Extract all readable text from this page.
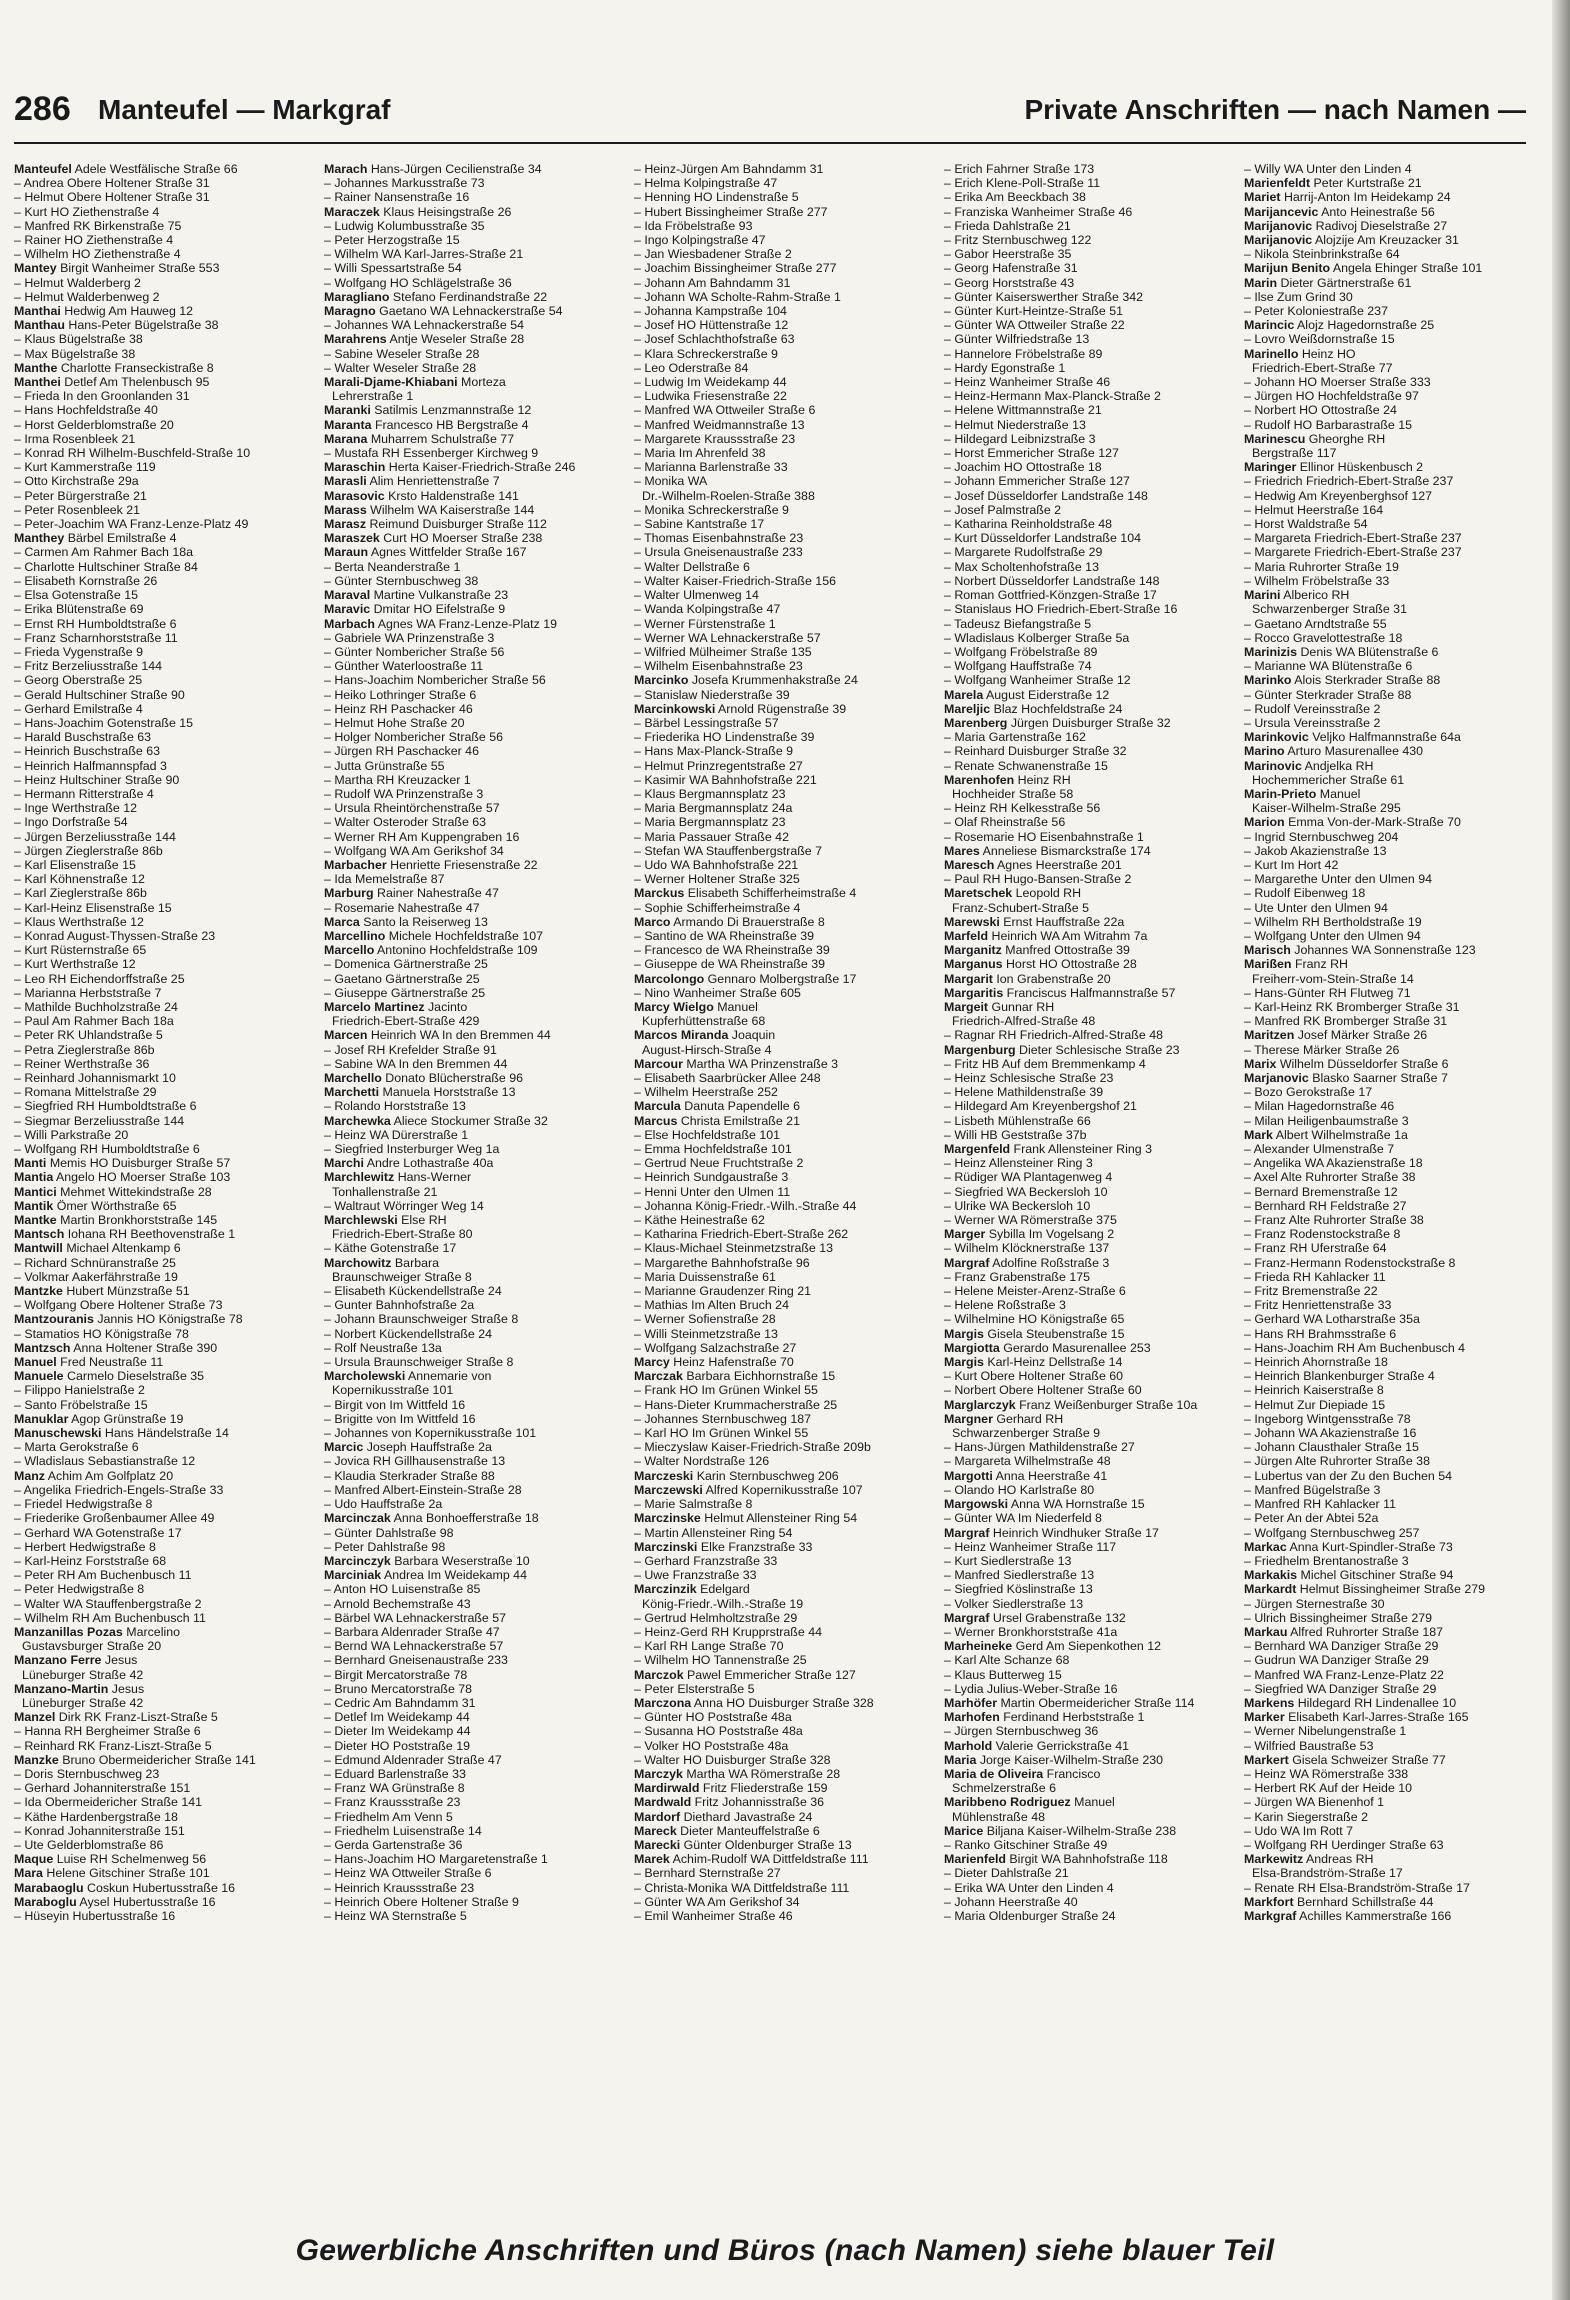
286 Manteufel — Markgraf	Private Anschriften — nach Namen —
Manteufel Adele Westfälische Straße 66
– Andrea Obere Holtener Straße 31
– Helmut Obere Holtener Straße 31
– Kurt HO Ziethenstraße 4
– Manfred RK Birkenstraße 75
– Rainer HO Ziethenstraße 4
– Wilhelm HO Ziethenstraße 4
Mantey Birgit Wanheimer Straße 553
– Helmut Walderberg 2
– Helmut Walderbenweg 2
Manthai Hedwig Am Hauweg 12
Manthau Hans-Peter Bügelstraße 38
– Klaus Bügelstraße 38
– Max Bügelstraße 38
Manthe Charlotte Franseckistraße 8
Manthei Detlef Am Thelenbusch 95
– Frieda In den Groonlanden 31
– Hans Hochfeldstraße 40
– Horst Gelderblomstraße 20
– Irma Rosenbleek 21
– Konrad RH Wilhelm-Buschfeld-Straße 10
– Kurt Kammerstraße 119
– Otto Kirchstraße 29a
– Peter Bürgerstraße 21
– Peter Rosenbleek 21
– Peter-Joachim WA Franz-Lenze-Platz 49
Manthey Bärbel Emilstraße 4
– Carmen Am Rahmer Bach 18a
– Charlotte Hultschiner Straße 84
– Elisabeth Kornstraße 26
– Elsa Gotenstraße 15
– Erika Blütenstraße 69
– Ernst RH Humboldtstraße 6
– Franz Scharnhorststraße 11
– Frieda Vygenstraße 9
– Fritz Berzeliusstraße 144
– Georg Oberstraße 25
– Gerald Hultschiner Straße 90
– Gerhard Emilstraße 4
– Hans-Joachim Gotenstraße 15
– Harald Buschstraße 63
– Heinrich Buschstraße 63
– Heinrich Halfmannspfad 3
– Heinz Hultschiner Straße 90
– Hermann Ritterstraße 4
– Inge Werthstraße 12
– Ingo Dorfstraße 54
– Jürgen Berzeliusstraße 144
– Jürgen Zieglerstraße 86b
– Karl Elisenstraße 15
– Karl Köhnenstraße 12
– Karl Zieglerstraße 86b
– Karl-Heinz Elisenstraße 15
– Klaus Werthstraße 12
– Konrad August-Thyssen-Straße 23
– Kurt Rüsternstraße 65
– Kurt Werthstraße 12
– Leo RH Eichendorffstraße 25
– Marianna Herbststraße 7
– Mathilde Buchholzstraße 24
– Paul Am Rahmer Bach 18a
– Peter RK Uhlandstraße 5
– Petra Zieglerstraße 86b
– Reiner Werthstraße 36
– Reinhard Johannismarkt 10
– Romana Mittelstraße 29
– Siegfried RH Humboldtstraße 6
– Siegmar Berzeliusstraße 144
– Willi Parkstraße 20
– Wolfgang RH Humboldtstraße 6
Manti Memis HO Duisburger Straße 57
Mantia Angelo HO Moerser Straße 103
Mantici Mehmet Wittekindstraße 28
Mantik Ömer Wörthstraße 65
Mantke Martin Bronkhorststraße 145
Mantsch Iohana RH Beethovenstraße 1
Mantwill Michael Altenkamp 6
– Richard Schnüranstraße 25
– Volkmar Aakerfährstraße 19
Mantzke Hubert Münzstraße 51
– Wolfgang Obere Holtener Straße 73
Mantzouranis Jannis HO Königstraße 78
– Stamatios HO Königstraße 78
Mantzsch Anna Holtener Straße 390
Manuel Fred Neustraße 11
Manuele Carmelo Dieselstraße 35
– Filippo Hanielstraße 2
– Santo Fröbelstraße 15
Manuklar Agop Grünstraße 19
Manuschewski Hans Händelstraße 14
– Marta Gerokstraße 6
– Wladislaus Sebastianstraße 12
Manz Achim Am Golfplatz 20
– Angelika Friedrich-Engels-Straße 33
– Friedel Hedwigstraße 8
– Friederike Großenbaumer Allee 49
– Gerhard WA Gotenstraße 17
– Herbert Hedwigstraße 8
– Karl-Heinz Forststraße 68
– Peter RH Am Buchenbusch 11
– Peter Hedwigstraße 8
– Walter WA Stauffenbergstraße 2
– Wilhelm RH Am Buchenbusch 11
Manzanillas Pozas Marcelino
Gustavsburger Straße 20
Manzano Ferre Jesus
Lüneburger Straße 42
Manzano-Martin Jesus
Lüneburger Straße 42
Manzel Dirk RK Franz-Liszt-Straße 5
– Hanna RH Bergheimer Straße 6
– Reinhard RK Franz-Liszt-Straße 5
Manzke Bruno Obermeidericher Straße 141
– Doris Sternbuschweg 23
– Gerhard Johanniterstraße 151
– Ida Obermeidericher Straße 141
– Käthe Hardenbergstraße 18
– Konrad Johanniterstraße 151
– Ute Gelderblomstraße 86
Maque Luise RH Schelmenweg 56
Mara Helene Gitschiner Straße 101
Marabaoglu Coskun Hubertusstraße 16
Maraboglu Aysel Hubertusstraße 16
– Hüseyin Hubertusstraße 16
Marach Hans-Jürgen Cecilienstraße 34
– Johannes Markusstraße 73
– Rainer Nansenstraße 16
Maraczek Klaus Heisingstraße 26
– Ludwig Kolumbusstraße 35
– Peter Herzogstraße 15
– Wilhelm WA Karl-Jarres-Straße 21
– Willi Spessartstraße 54
– Wolfgang HO Schlägelstraße 36
Maragliano Stefano Ferdinandstraße 22
Maragno Gaetano WA Lehnackerstraße 54
– Johannes WA Lehnackerstraße 54
Marahrens Antje Weseler Straße 28
– Sabine Weseler Straße 28
– Walter Weseler Straße 28
Marali-Djame-Khiabani Morteza
Lehrerstraße 1
Maranki Satilmis Lenzmannstraße 12
Maranta Francesco HB Bergstraße 4
Marana Muharrem Schulstraße 77
– Mustafa RH Essenberger Kirchweg 9
Maraschin Herta Kaiser-Friedrich-Straße 246
Marasli Alim Henriettenstraße 7
Marasovic Krsto Haldenstraße 141
Marass Wilhelm WA Kaiserstraße 144
Marasz Reimund Duisburger Straße 112
Maraszek Curt HO Moerser Straße 238
Maraun Agnes Wittfelder Straße 167
– Berta Neanderstraße 1
– Günter Sternbuschweg 38
Maraval Martine Vulkanstraße 23
Maravic Dmitar HO Eifelstraße 9
Marbach Agnes WA Franz-Lenze-Platz 19
– Gabriele WA Prinzenstraße 3
– Günter Nombericher Straße 56
– Günther Waterloostraße 11
– Hans-Joachim Nombericher Straße 56
– Heiko Lothringer Straße 6
– Heinz RH Paschacker 46
– Helmut Hohe Straße 20
– Holger Nombericher Straße 56
– Jürgen RH Paschacker 46
– Jutta Grünstraße 55
– Martha RH Kreuzacker 1
– Rudolf WA Prinzenstraße 3
– Ursula Rheintörchenstraße 57
– Walter Osteroder Straße 63
– Werner RH Am Kuppengraben 16
– Wolfgang WA Am Gerikshof 34
Marbacher Henriette Friesenstraße 22
– Ida Memelstraße 87
Marburg Rainer Nahestraße 47
– Rosemarie Nahestraße 47
Marca Santo la Reiserweg 13
Marcellino Michele Hochfeldstraße 107
Marcello Antonino Hochfeldstraße 109
– Domenica Gärtnerstraße 25
– Gaetano Gärtnerstraße 25
– Giuseppe Gärtnerstraße 25
Marcelo Martinez Jacinto
Friedrich-Ebert-Straße 429
Marcen Heinrich WA In den Bremmen 44
– Josef RH Krefelder Straße 91
– Sabine WA In den Bremmen 44
Marchello Donato Blücherstraße 96
Marchetti Manuela Horststraße 13
– Rolando Horststraße 13
Marchewka Aliece Stockumer Straße 32
– Heinz WA Dürerstraße 1
– Siegfried Insterburger Weg 1a
Marchi Andre Lothastraße 40a
Marchlewitz Hans-Werner
Tonhallenstraße 21
– Waltraut Wörringer Weg 14
Marchlewski Else RH
Friedrich-Ebert-Straße 80
– Käthe Gotenstraße 17
Marchowitz Barbara
Braunschweiger Straße 8
– Elisabeth Kückendellstraße 24
– Gunter Bahnhofstraße 2a
– Johann Braunschweiger Straße 8
– Norbert Kückendellstraße 24
– Rolf Neustraße 13a
– Ursula Braunschweiger Straße 8
Marcholewski Annemarie von
Kopernikusstraße 101
– Birgit von Im Wittfeld 16
– Brigitte von Im Wittfeld 16
– Johannes von Kopernikusstraße 101
Marcic Joseph Hauffstraße 2a
– Jovica RH Gillhausenstraße 13
– Klaudia Sterkrader Straße 88
– Manfred Albert-Einstein-Straße 28
– Udo Hauffstraße 2a
Marcinczak Anna Bonhoefferstraße 18
– Günter Dahlstraße 98
– Peter Dahlstraße 98
Marcinczyk Barbara Weserstraße 10
Marciniak Andrea Im Weidekamp 44
– Anton HO Luisenstraße 85
– Arnold Bechemstraße 43
– Bärbel WA Lehnackerstraße 57
– Barbara Aldenrader Straße 47
– Bernd WA Lehnackerstraße 57
– Bernhard Gneisenaustraße 233
– Birgit Mercatorstraße 78
– Bruno Mercatorstraße 78
– Cedric Am Bahndamm 31
– Detlef Im Weidekamp 44
– Dieter Im Weidekamp 44
– Dieter HO Poststraße 19
– Edmund Aldenrader Straße 47
– Eduard Barlenstraße 33
– Franz WA Grünstraße 8
– Franz Kraussstraße 23
– Friedhelm Am Venn 5
– Friedhelm Luisenstraße 14
– Gerda Gartenstraße 36
– Hans-Joachim HO Margaretenstraße 1
– Heinz WA Ottweiler Straße 6
– Heinrich Kraussstraße 23
– Heinrich Obere Holtener Straße 9
– Heinz WA Sternstraße 5
– Heinz-Jürgen Am Bahndamm 31
– Helma Kolpingstraße 47
– Henning HO Lindenstraße 5
– Hubert Bissingheimer Straße 277
– Ida Fröbelstraße 93
– Ingo Kolpingstraße 47
– Jan Wiesbadener Straße 2
– Joachim Bissingheimer Straße 277
– Johann Am Bahndamm 31
– Johann WA Scholte-Rahm-Straße 1
– Johanna Kampstraße 104
– Josef HO Hüttenstraße 12
– Josef Schlachthofstraße 63
– Klara Schreckerstraße 9
– Leo Oderstraße 84
– Ludwig Im Weidekamp 44
– Ludwika Friesenstraße 22
– Manfred WA Ottweiler Straße 6
– Manfred Weidmannstraße 13
– Margarete Kraussstraße 23
– Maria Im Ahrenfeld 38
– Marianna Barlenstraße 33
– Monika WA
Dr.-Wilhelm-Roelen-Straße 388
– Monika Schreckerstraße 9
– Sabine Kantstraße 17
– Thomas Eisenbahnstraße 23
– Ursula Gneisenaustraße 233
– Walter Dellstraße 6
– Walter Kaiser-Friedrich-Straße 156
– Walter Ulmenweg 14
– Wanda Kolpingstraße 47
– Werner Fürstenstraße 1
– Werner WA Lehnackerstraße 57
– Wilfried Mülheimer Straße 135
– Wilhelm Eisenbahnstraße 23
Marcinko Josefa Krummenhakstraße 24
– Stanislaw Niederstraße 39
Marcinkowski Arnold Rügenstraße 39
– Bärbel Lessingstraße 57
– Friederika HO Lindenstraße 39
– Hans Max-Planck-Straße 9
– Helmut Prinzregentstraße 27
– Kasimir WA Bahnhofstraße 221
– Klaus Bergmannsplatz 23
– Maria Bergmannsplatz 24a
– Maria Bergmannsplatz 23
– Maria Passauer Straße 42
– Stefan WA Stauffenbergstraße 7
– Udo WA Bahnhofstraße 221
– Werner Holtener Straße 325
Marckus Elisabeth Schifferheimstraße 4
– Sophie Schifferheimstraße 4
Marco Armando Di Brauerstraße 8
– Santino de WA Rheinstraße 39
– Francesco de WA Rheinstraße 39
– Giuseppe de WA Rheinstraße 39
Marcolongo Gennaro Molbergstraße 17
– Nino Wanheimer Straße 605
Marcy Wielgo Manuel
Kupferhüttenstraße 68
Marcos Miranda Joaquin
August-Hirsch-Straße 4
Marcour Martha WA Prinzenstraße 3
– Elisabeth Saarbrücker Allee 248
– Wilhelm Heerstraße 252
Marcula Danuta Papendelle 6
Marcus Christa Emilstraße 21
– Else Hochfeldstraße 101
– Emma Hochfeldstraße 101
– Gertrud Neue Fruchtstraße 2
– Heinrich Sundgaustraße 3
– Henni Unter den Ulmen 11
– Johanna König-Friedr.-Wilh.-Straße 44
– Käthe Heinestraße 62
– Katharina Friedrich-Ebert-Straße 262
– Klaus-Michael Steinmetzstraße 13
– Margarethe Bahnhofstraße 96
– Maria Duissenstraße 61
– Marianne Graudenzer Ring 21
– Mathias Im Alten Bruch 24
– Werner Sofienstraße 28
– Willi Steinmetzstraße 13
– Wolfgang Salzachstraße 27
Marcy Heinz Hafenstraße 70
Marczak Barbara Eichhornstraße 15
– Frank HO Im Grünen Winkel 55
– Hans-Dieter Krummacherstraße 25
– Johannes Sternbuschweg 187
– Karl HO Im Grünen Winkel 55
– Mieczyslaw Kaiser-Friedrich-Straße 209b
– Walter Nordstraße 126
Marczeski Karin Sternbuschweg 206
Marczewski Alfred Kopernikusstraße 107
– Marie Salmstraße 8
Marczinske Helmut Allensteiner Ring 54
– Martin Allensteiner Ring 54
Marczinski Elke Franzstraße 33
– Gerhard Franzstraße 33
– Uwe Franzstraße 33
Marczinzik Edelgard
König-Friedr.-Wilh.-Straße 19
– Gertrud Helmholtzstraße 29
– Heinz-Gerd RH Krupprstraße 44
– Karl RH Lange Straße 70
– Wilhelm HO Tannenstraße 25
Marczok Pawel Emmericher Straße 127
– Peter Elsterstraße 5
Marczona Anna HO Duisburger Straße 328
– Günter HO Poststraße 48a
– Susanna HO Poststraße 48a
– Volker HO Poststraße 48a
– Walter HO Duisburger Straße 328
Marczyk Martha WA Römerstraße 28
Mardirwald Fritz Fliederstraße 159
Mardwald Fritz Johannisstraße 36
Mardorf Diethard Javastraße 24
Mareck Dieter Manteuffelstraße 6
Marecki Günter Oldenburger Straße 13
Marek Achim-Rudolf WA Dittfeldstraße 111
– Bernhard Sternstraße 27
– Christa-Monika WA Dittfeldstraße 111
– Günter WA Am Gerikshof 34
– Emil Wanheimer Straße 46
– Erich Fahrner Straße 173
– Erich Klene-Poll-Straße 11
– Erika Am Beeckbach 38
– Franziska Wanheimer Straße 46
– Frieda Dahlstraße 21
– Fritz Sternbuschweg 122
– Gabor Heerstraße 35
– Georg Hafenstraße 31
– Georg Horststraße 43
– Günter Kaiserswerther Straße 342
– Günter Kurt-Heintze-Straße 51
– Günter WA Ottweiler Straße 22
– Günter Wilfriedstraße 13
– Hannelore Fröbelstraße 89
– Hardy Egonstraße 1
– Heinz Wanheimer Straße 46
– Heinz-Hermann Max-Planck-Straße 2
– Helene Wittmannstraße 21
– Helmut Niederstraße 13
– Hildegard Leibnizstraße 3
– Horst Emmericher Straße 127
– Joachim HO Ottostraße 18
– Johann Emmericher Straße 127
– Josef Düsseldorfer Landstraße 148
– Josef Palmstraße 2
– Katharina Reinholdstraße 48
– Kurt Düsseldorfer Landstraße 104
– Margarete Rudolfstraße 29
– Max Scholtenhofstraße 13
– Norbert Düsseldorfer Landstraße 148
– Roman Gottfried-Könzgen-Straße 17
– Stanislaus HO Friedrich-Ebert-Straße 16
– Tadeusz Biefangstraße 5
– Wladislaus Kolberger Straße 5a
– Wolfgang Fröbelstraße 89
– Wolfgang Hauffstraße 74
– Wolfgang Wanheimer Straße 12
Marela August Eiderstraße 12
Mareljic Blaz Hochfeldstraße 24
Marenberg Jürgen Duisburger Straße 32
– Maria Gartenstraße 162
– Reinhard Duisburger Straße 32
– Renate Schwanenstraße 15
Marenhofen Heinz RH
Hochheider Straße 58
– Heinz RH Kelkesstraße 56
– Olaf Rheinstraße 56
– Rosemarie HO Eisenbahnstraße 1
Mares Anneliese Bismarckstraße 174
Maresch Agnes Heerstraße 201
– Paul RH Hugo-Bansen-Straße 2
Maretschek Leopold RH
Franz-Schubert-Straße 5
Marewski Ernst Hauffstraße 22a
Marfeld Heinrich WA Am Witrahm 7a
Marganitz Manfred Ottostraße 39
Marganus Horst HO Ottostraße 28
Margarit Ion Grabenstraße 20
Margaritis Franciscus Halfmannstraße 57
Margeit Gunnar RH
Friedrich-Alfred-Straße 48
– Ragnar RH Friedrich-Alfred-Straße 48
Margenburg Dieter Schlesische Straße 23
– Fritz HB Auf dem Bremmenkamp 4
– Heinz Schlesische Straße 23
– Helene Mathildenstraße 39
– Hildegard Am Kreyenbergshof 21
– Lisbeth Mühlenstraße 66
– Willi HB Geststraße 37b
Margenfeld Frank Allensteiner Ring 3
– Heinz Allensteiner Ring 3
– Rüdiger WA Plantagenweg 4
– Siegfried WA Beckersloh 10
– Ulrike WA Beckersloh 10
– Werner WA Römerstraße 375
Marger Sybilla Im Vogelsang 2
– Wilhelm Klöcknerstraße 137
Margraf Adolfine Roßstraße 3
– Franz Grabenstraße 175
– Helene Meister-Arenz-Straße 6
– Helene Roßstraße 3
– Wilhelmine HO Königstraße 65
Margis Gisela Steubenstraße 15
Margiotta Gerardo Masurenallee 253
Margis Karl-Heinz Dellstraße 14
– Kurt Obere Holtener Straße 60
– Norbert Obere Holtener Straße 60
Marglarczyk Franz Weißenburger Straße 10a
Margner Gerhard RH
Schwarzenberger Straße 9
– Hans-Jürgen Mathildenstraße 27
– Margareta Wilhelmstraße 48
Margotti Anna Heerstraße 41
– Olando HO Karlstraße 80
Margowski Anna WA Hornstraße 15
– Günter WA Im Niederfeld 8
Margraf Heinrich Windhuker Straße 17
– Heinz Wanheimer Straße 117
– Kurt Siedlerstraße 13
– Manfred Siedlerstraße 13
– Siegfried Köslinstraße 13
– Volker Siedlerstraße 13
Margraf Ursel Grabenstraße 132
– Werner Bronkhorststraße 41a
Marheineke Gerd Am Siepenkothen 12
– Karl Alte Schanze 68
– Klaus Butterweg 15
– Lydia Julius-Weber-Straße 16
Marhöfer Martin Obermeidericher Straße 114
Marhofen Ferdinand Herbststraße 1
– Jürgen Sternbuschweg 36
Marhold Valerie Gerrickstraße 41
Maria Jorge Kaiser-Wilhelm-Straße 230
Maria de Oliveira Francisco
Schmelzerstraße 6
Maribbeno Rodriguez Manuel
Mühlenstraße 48
Marice Biljana Kaiser-Wilhelm-Straße 238
– Ranko Gitschiner Straße 49
Marienfeld Birgit WA Bahnhofstraße 118
– Dieter Dahlstraße 21
– Erika WA Unter den Linden 4
– Johann Heerstraße 40
– Maria Oldenburger Straße 24
– Willy WA Unter den Linden 4
Marienfeldt Peter Kurtstraße 21
Mariet Harrij-Anton Im Heidekamp 24
Marijancevic Anto Heinestraße 56
Marijanovic Radivoj Dieselstraße 27
Marijanovic Alojzije Am Kreuzacker 31
– Nikola Steinbrinkstraße 64
Marijun Benito Angela Ehinger Straße 101
Marin Dieter Gärtnerstraße 61
– Ilse Zum Grind 30
– Peter Koloniestraße 237
Marincic Alojz Hagedornstraße 25
– Lovro Weißdornstraße 15
Marinello Heinz HO
Friedrich-Ebert-Straße 77
– Johann HO Moerser Straße 333
– Jürgen HO Hochfeldstraße 97
– Norbert HO Ottostraße 24
– Rudolf HO Barbarastraße 15
Marinescu Gheorghe RH
Bergstraße 117
Maringer Ellinor Hüskenbusch 2
– Friedrich Friedrich-Ebert-Straße 237
– Hedwig Am Kreyenberghsof 127
– Helmut Heerstraße 164
– Horst Waldstraße 54
– Margareta Friedrich-Ebert-Straße 237
– Margarete Friedrich-Ebert-Straße 237
– Maria Ruhrorter Straße 19
– Wilhelm Fröbelstraße 33
Marini Alberico RH
Schwarzenberger Straße 31
– Gaetano Arndtstraße 55
– Rocco Gravelottestraße 18
Marinizis Denis WA Blütenstraße 6
– Marianne WA Blütenstraße 6
Marinko Alois Sterkrader Straße 88
– Günter Sterkrader Straße 88
– Rudolf Vereinsstraße 2
– Ursula Vereinsstraße 2
Marinkovic Veljko Halfmannstraße 64a
Marino Arturo Masurenallee 430
Marinovic Andjelka RH
Hochemmericher Straße 61
Marin-Prieto Manuel
Kaiser-Wilhelm-Straße 295
Marion Emma Von-der-Mark-Straße 70
– Ingrid Sternbuschweg 204
– Jakob Akazienstraße 13
– Kurt Im Hort 42
– Margarethe Unter den Ulmen 94
– Rudolf Eibenweg 18
– Ute Unter den Ulmen 94
– Wilhelm RH Bertholdstraße 19
– Wolfgang Unter den Ulmen 94
Marisch Johannes WA Sonnenstraße 123
Marißen Franz RH
Freiherr-vom-Stein-Straße 14
– Hans-Günter RH Flutweg 71
– Karl-Heinz RK Bromberger Straße 31
– Manfred RK Bromberger Straße 31
Maritzen Josef Märker Straße 26
– Therese Märker Straße 26
Marix Wilhelm Düsseldorfer Straße 6
Marjanovic Blasko Saarner Straße 7
– Bozo Gerokstraße 17
– Milan Hagedornstraße 46
– Milan Heiligenbaumstraße 3
Mark Albert Wilhelmstraße 1a
– Alexander Ulmenstraße 7
– Angelika WA Akazienstraße 18
– Axel Alte Ruhrorter Straße 38
– Bernard Bremenstraße 12
– Bernhard RH Feldstraße 27
– Franz Alte Ruhrorter Straße 38
– Franz Rodenstockstraße 8
– Franz RH Uferstraße 64
– Franz-Hermann Rodenstockstraße 8
– Frieda RH Kahlacker 11
– Fritz Bremenstraße 22
– Fritz Henriettenstraße 33
– Gerhard WA Lotharstraße 35a
– Hans RH Brahmsstraße 6
– Hans-Joachim RH Am Buchenbusch 4
– Heinrich Ahornstraße 18
– Heinrich Blankenburger Straße 4
– Heinrich Kaiserstraße 8
– Helmut Zur Diepiade 15
– Ingeborg Wintgensstraße 78
– Johann WA Akazienstraße 16
– Johann Clausthaler Straße 15
– Jürgen Alte Ruhrorter Straße 38
– Lubertus van der Zu den Buchen 54
– Manfred Bügelstraße 3
– Manfred RH Kahlacker 11
– Peter An der Abtei 52a
– Wolfgang Sternbuschweg 257
Markac Anna Kurt-Spindler-Straße 73
– Friedhelm Brentanostraße 3
Markakis Michel Gitschiner Straße 94
Markardt Helmut Bissingheimer Straße 279
– Jürgen Sternestraße 30
– Ulrich Bissingheimer Straße 279
Markau Alfred Ruhrorter Straße 187
– Bernhard WA Danziger Straße 29
– Gudrun WA Danziger Straße 29
– Manfred WA Franz-Lenze-Platz 22
– Siegfried WA Danziger Straße 29
Markens Hildegard RH Lindenallee 10
Marker Elisabeth Karl-Jarres-Straße 165
– Werner Nibelungenstraße 1
– Wilfried Baustraße 53
Markert Gisela Schweizer Straße 77
– Heinz WA Römerstraße 338
– Herbert RK Auf der Heide 10
– Jürgen WA Bienenhof 1
– Karin Siegerstraße 2
– Udo WA Im Rott 7
– Wolfgang RH Uerdinger Straße 63
Markewitz Andreas RH
Elsa-Brandström-Straße 17
– Renate RH Elsa-Brandström-Straße 17
Markfort Bernhard Schillstraße 44
Markgraf Achilles Kammerstraße 166
Gewerbliche Anschriften und Büros (nach Namen) siehe blauer Teil
